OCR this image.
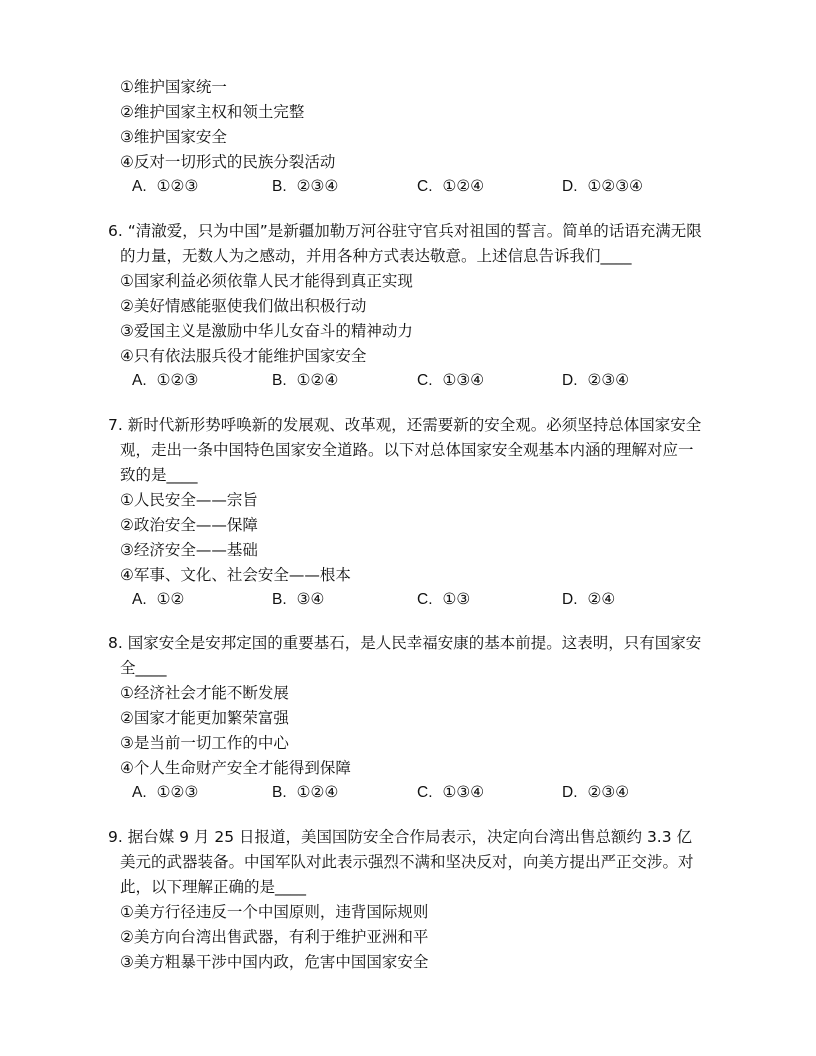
①维护国家统一
②维护国家主权和领土完整
③维护国家安全
④反对一切形式的民族分裂活动
A. ①②③	B. ②③④	C. ①②④	D. ①②③④
6. “清澈爱，只为中国”是新疆加勒万河谷驻守官兵对祖国的誓言。简单的话语充满无限
的力量，无数人为之感动，并用各种方式表达敬意。上述信息告诉我们____
①国家利益必须依靠人民才能得到真正实现
②美好情感能驱使我们做出积极行动
③爱国主义是激励中华儿女奋斗的精神动力
④只有依法服兵役才能维护国家安全
A. ①②③	B. ①②④	C. ①③④	D. ②③④
7. 新时代新形势呼唤新的发展观、改革观，还需要新的安全观。必须坚持总体国家安全
观，走出一条中国特色国家安全道路。以下对总体国家安全观基本内涵的理解对应一
致的是____
①人民安全——宗旨
②政治安全——保障
③经济安全——基础
④军事、文化、社会安全——根本
A. ①②	B. ③④	C. ①③	D. ②④
8. 国家安全是安邦定国的重要基石，是人民幸福安康的基本前提。这表明，只有国家安
全____
①经济社会才能不断发展
②国家才能更加繁荣富强
③是当前一切工作的中心
④个人生命财产安全才能得到保障
A. ①②③	B. ①②④	C. ①③④	D. ②③④
9. 据台媒 9 月 25 日报道，美国国防安全合作局表示，决定向台湾出售总额约 3.3 亿
美元的武器装备。中国军队对此表示强烈不满和坚决反对，向美方提出严正交涉。对
此，以下理解正确的是____
①美方行径违反一个中国原则，违背国际规则
②美方向台湾出售武器，有利于维护亚洲和平
③美方粗暴干涉中国内政，危害中国国家安全
